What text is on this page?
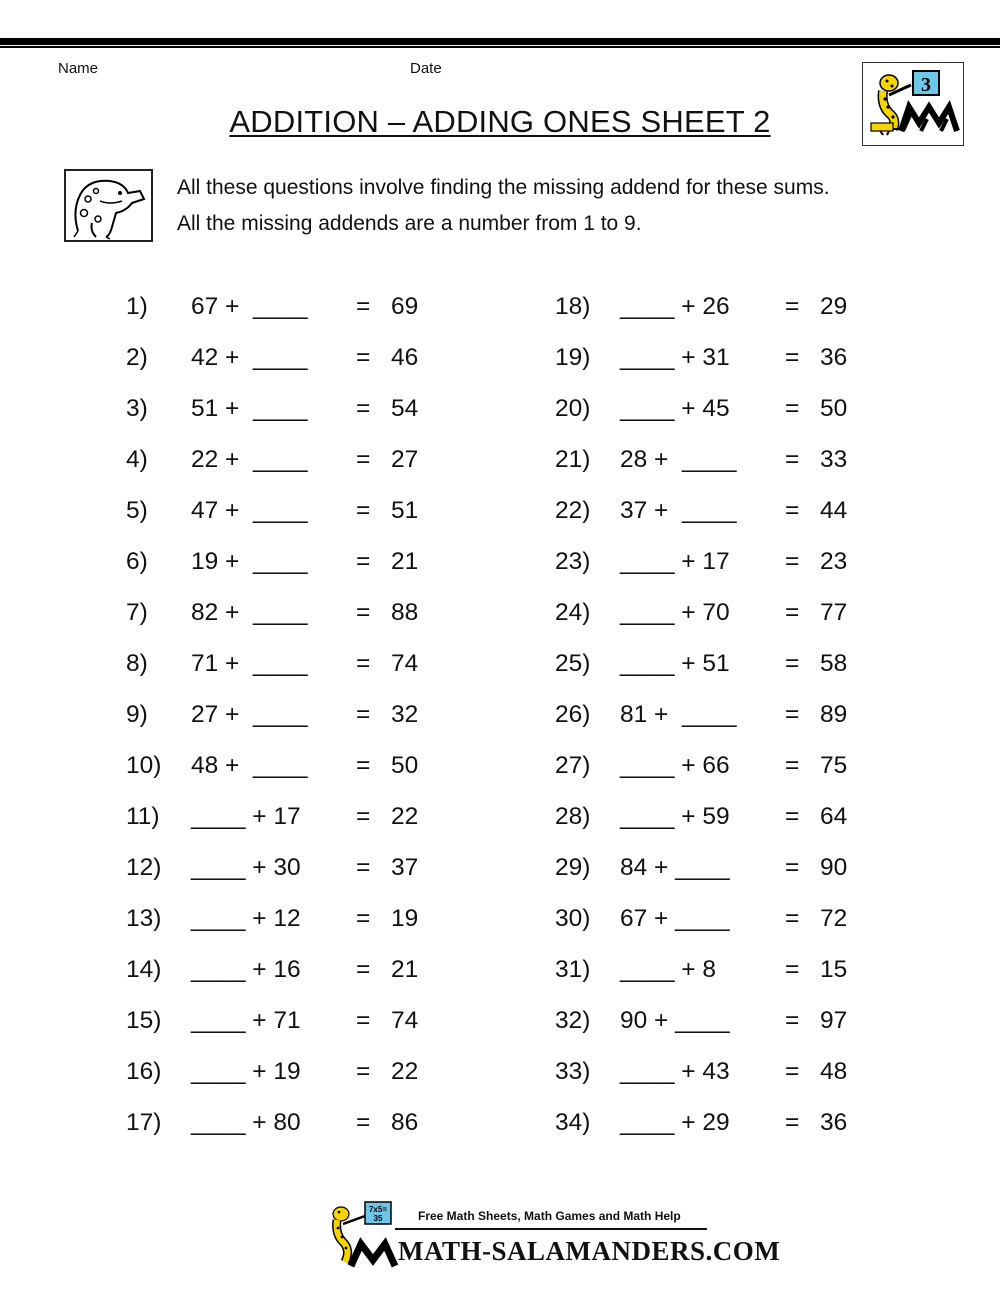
Name	Date
ADDITION – ADDING ONES SHEET 2
3
All these questions involve finding the missing addend for these sums.
All the missing addends are a number from 1 to 9.
1) 67 +  ____ = 69
2) 42 +  ____ = 46
3) 51 +  ____ = 54
4) 22 +  ____ = 27
5) 47 +  ____ = 51
6) 19 +  ____ = 21
7) 82 +  ____ = 88
8) 71 +  ____ = 74
9) 27 +  ____ = 32
10) 48 +  ____ = 50
11) ____ + 17 = 22
12) ____ + 30 = 37
13) ____ + 12 = 19
14) ____ + 16 = 21
15) ____ + 71 = 74
16) ____ + 19 = 22
17) ____ + 80 = 86
18) ____ + 26 = 29
19) ____ + 31 = 36
20) ____ + 45 = 50
21) 28 +  ____ = 33
22) 37 +  ____ = 44
23) ____ + 17 = 23
24) ____ + 70 = 77
25) ____ + 51 = 58
26) 81 +  ____ = 89
27) ____ + 66 = 75
28) ____ + 59 = 64
29) 84 + ____ = 90
30) 67 + ____ = 72
31) ____ + 8	= 15
32) 90 + ____ = 97
33) ____ + 43 = 48
34) ____ + 29 = 36
7x5=
35	Free Math Sheets, Math Games and Math Help
MATH-SALAMANDERS.COM
